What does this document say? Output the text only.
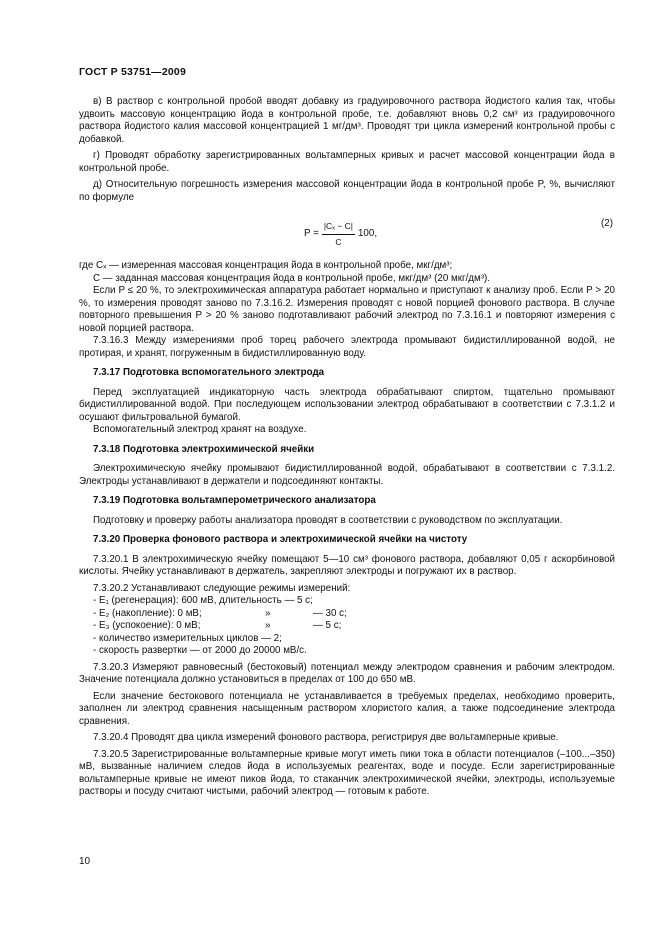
ГОСТ Р 53751—2009

в) В раствор с контрольной пробой вводят добавку из градуировочного раствора йодистого калия так, чтобы удвоить массовую концентрацию йода в контрольной пробе, т.е. добавляют вновь 0,2 см³ из градуировочного раствора йодистого калия массовой концентрацией 1 мг/дм³. Проводят три цикла измерений контрольной пробы с добавкой.

г) Проводят обработку зарегистрированных вольтамперных кривых и расчет массовой концентрации йода в контрольной пробе.

д) Относительную погрешность измерения массовой концентрации йода в контрольной пробе P, %, вычисляют по формуле

$P = \frac{\text{|Cₓ − C|}}{C} 100$,
(2)

где Cₓ — измеренная массовая концентрация йода в контрольной пробе, мкг/дм³;

C — заданная массовая концентрация йода в контрольной пробе, мкг/дм³ (20 мкг/дм³).

Если P ≤ 20 %, то электрохимическая аппаратура работает нормально и приступают к анализу проб. Если P > 20 %, то измерения проводят заново по 7.3.16.2. Измерения проводят с новой порцией фонового раствора. В случае повторного превышения P > 20 % заново подготавливают рабочий электрод по 7.3.16.1 и повторяют измерения с новой порцией раствора.

7.3.16.3 Между измерениями проб торец рабочего электрода промывают бидистиллированной водой, не протирая, и хранят, погруженным в бидистиллированную воду.

7.3.17 Подготовка вспомогательного электрода

Перед эксплуатацией индикаторную часть электрода обрабатывают спиртом, тщательно промывают бидистиллированной водой. При последующем использовании электрод обрабатывают в соответствии с 7.3.1.2 и осушают фильтровальной бумагой.

Вспомогательный электрод хранят на воздухе.

7.3.18 Подготовка электрохимической ячейки

Электрохимическую ячейку промывают бидистиллированной водой, обрабатывают в соответствии с 7.3.1.2. Электроды устанавливают в держатели и подсоединяют контакты.

7.3.19 Подготовка вольтамперометрического анализатора

Подготовку и проверку работы анализатора проводят в соответствии с руководством по эксплуатации.

7.3.20 Проверка фонового раствора и электрохимической ячейки на чистоту

7.3.20.1 В электрохимическую ячейку помещают 5—10 см³ фонового раствора, добавляют 0,05 г аскорбиновой кислоты. Ячейку устанавливают в держатель, закрепляют электроды и погружают их в раствор.

7.3.20.2 Устанавливают следующие режимы измерений:

- E₁ (регенерация): 600 мВ, длительность — 5 с;
- E₂ (накопление): 0 мВ;	»	— 30 с;
- E₃ (успокоение): 0 мВ;	»	— 5 с;
- количество измерительных циклов — 2;
- скорость развертки — от 2000 до 20000 мВ/с.

7.3.20.3 Измеряют равновесный (бестоковый) потенциал между электродом сравнения и рабочим электродом. Значение потенциала должно установиться в пределах от 100 до 650 мВ.

Если значение бестокового потенциала не устанавливается в требуемых пределах, необходимо проверить, заполнен ли электрод сравнения насыщенным раствором хлористого калия, а также подсоединение электрода сравнения.

7.3.20.4 Проводят два цикла измерений фонового раствора, регистрируя две вольтамперные кривые.

7.3.20.5 Зарегистрированные вольтамперные кривые могут иметь пики тока в области потенциалов (–100...–350) мВ, вызванные наличием следов йода в используемых реагентах, воде и посуде. Если зарегистрированные вольтамперные кривые не имеют пиков йода, то стаканчик электрохимической ячейки, электроды, используемые растворы и посуду считают чистыми, рабочий электрод — готовым к работе.

10
